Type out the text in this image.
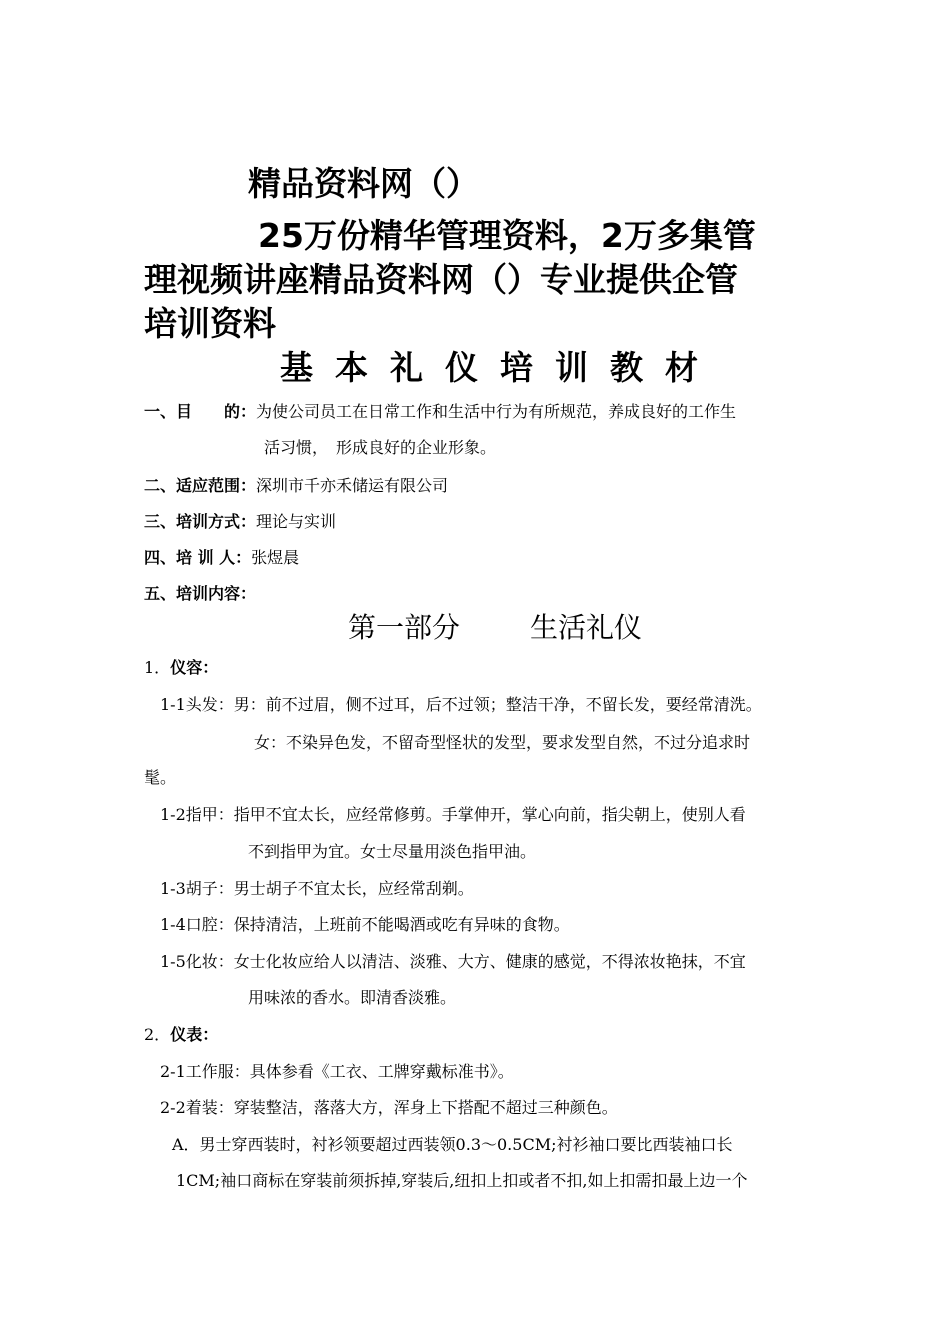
精品资料网（）
25万份精华管理资料，2万多集管
理视频讲座精品资料网（）专业提供企管
培训资料
基本礼仪培训教材
一、目　　的：为使公司员工在日常工作和生活中行为有所规范，养成良好的工作生
活习惯，　形成良好的企业形象。
二、适应范围：深圳市千亦禾储运有限公司
三、培训方式：理论与实训
四、培 训 人：张煜晨
五、培训内容：
第一部分	生活礼仪
1．仪容：
1-1头发：男：前不过眉，侧不过耳，后不过领；整洁干净，不留长发，要经常清洗。
女：不染异色发，不留奇型怪状的发型，要求发型自然，不过分追求时
髦。
1-2指甲：指甲不宜太长，应经常修剪。手掌伸开，掌心向前，指尖朝上，使别人看
不到指甲为宜。女士尽量用淡色指甲油。
1-3胡子：男士胡子不宜太长，应经常刮剃。
1-4口腔：保持清洁，上班前不能喝酒或吃有异味的食物。
1-5化妆：女士化妆应给人以清洁、淡雅、大方、健康的感觉，不得浓妆艳抹，不宜
用味浓的香水。即清香淡雅。
2．仪表：
2-1工作服：具体参看《工衣、工牌穿戴标准书》。
2-2着装：穿装整洁，落落大方，浑身上下搭配不超过三种颜色。
A．男士穿西装时，衬衫领要超过西装领0.3～0.5CM;衬衫袖口要比西装袖口长
1CM;袖口商标在穿装前须拆掉,穿装后,纽扣上扣或者不扣,如上扣需扣最上边一个
